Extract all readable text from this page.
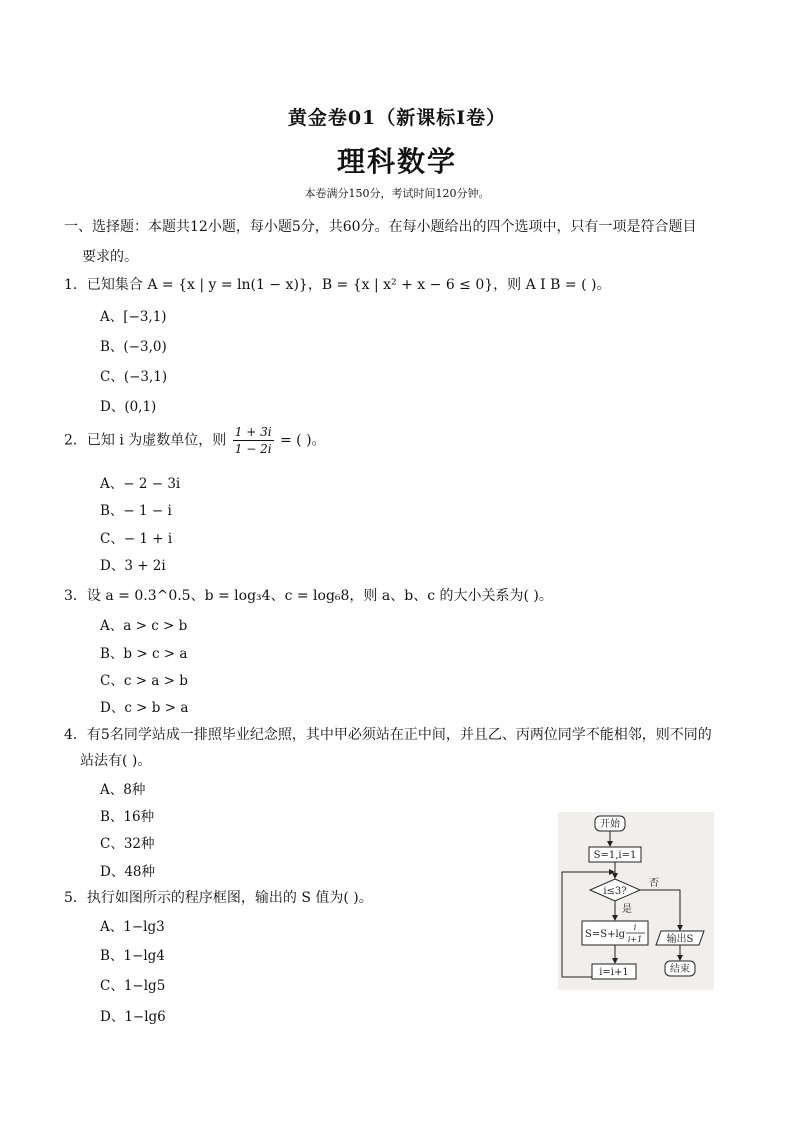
黄金卷01（新课标Ⅰ卷）
理科数学
本卷满分150分，考试时间120分钟。
一、选择题：本题共12小题，每小题5分，共60分。在每小题给出的四个选项中，只有一项是符合题目
要求的。
1．已知集合 A = {x | y = ln(1 − x)}，B = {x | x² + x − 6 ≤ 0}，则 A I B = ( )。
A、[−3,1)
B、(−3,0)
C、(−3,1)
D、(0,1)
2．已知 i 为虚数单位，则 $\frac{1 + 3i}{1 - 2i}$ = ( )。
A、− 2 − 3i
B、− 1 − i
C、− 1 + i
D、3 + 2i
3．设 a = 0.3^0.5、b = log₃4、c = log₆8，则 a、b、c 的大小关系为( )。
A、a > c > b
B、b > c > a
C、c > a > b
D、c > b > a
4．有5名同学站成一排照毕业纪念照，其中甲必须站在正中间，并且乙、丙两位同学不能相邻，则不同的
站法有( )。
A、8种
B、16种
C、32种
D、48种
5．执行如图所示的程序框图，输出的 S 值为( )。
A、1−lg3
B、1−lg4
C、1−lg5
D、1−lg6
开始
S=1,i=1
i≤3?
否
是
S=S+lg
i
i+1
i=i+1
输出S
结束
